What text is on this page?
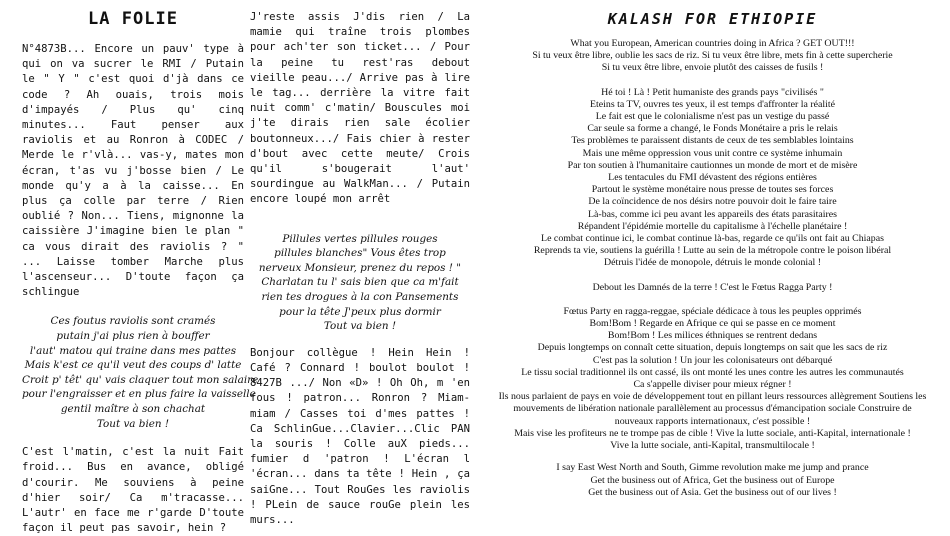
LA FOLIE

N°4873B... Encore un pauv' type à qui on va sucrer le RMI / Putain le " Y " c'est quoi d'jà dans ce code ? Ah ouais, trois mois d'impayés / Plus qu' cinq minutes... Faut penser aux raviolis et au Ronron à CODEC / Merde le r'vlà... vas-y, mates mon écran, t'as vu j'bosse bien / Le monde qu'y a à la caisse... En plus ça colle par terre / Rien oublié ? Non... Tiens, mignonne la caissière J'imagine bien le plan " ca vous dirait des raviolis ? " ... Laisse tomber Marche plus l'ascenseur... D'toute façon ça schlingue

Ces foutus raviolis sont cramés
putain j'ai plus rien à bouffer
l'aut' matou qui traine dans mes pattes
Mais k'est ce qu'il veut des coups d' latte
Croit p' têt' qu' vais claquer tout mon salaire
pour l'engraisser et en plus faire la vaisselle
gentil maître à son chachat
Tout va bien !

C'est l'matin, c'est la nuit Fait froid... Bus en avance, obligé d'courir. Me souviens à peine d'hier soir/ Ca m'tracasse... L'autr' en face me r'garde D'toute façon il peut pas savoir, hein ?

J'reste assis J'dis rien / La mamie qui traîne trois plombes pour ach'ter son ticket... / Pour la peine tu rest'ras debout vieille peau.../ Arrive pas à lire le tag... derrière la vitre fait nuit comm' c'matin/ Bouscules moi j'te dirais rien sale écolier boutonneux.../ Fais chier à rester d'bout avec cette meute/ Crois qu'il s'bougerait l'aut' sourdingue au WalkMan... / Putain encore loupé mon arrêt

Pillules vertes pillules rouges
pillules blanches" Vous êtes trop
nerveux Monsieur, prenez du repos ! "
Charlatan tu l' sais bien que ca m'fait
rien tes drogues à la con Pansements
pour la tête J'peux plus dormir
Tout va bien !

Bonjour collègue ! Hein Hein ! Café ? Connard ! boulot boulot ! 8427B .../ Non «D» ! Oh Oh, m 'en fous ! patron... Ronron ? Miam-miam / Casses toi d'mes pattes ! Ca SchlinGue...Clavier...Clic PAN la souris ! Colle auX pieds... fumier d 'patron ! L'écran l 'écran... dans ta tête ! Hein , ça saiGne... Tout RouGes les raviolis ! PLein de sauce rouGe plein les murs...

KALASH FOR ETHIOPIE
What you European, American countries doing in Africa ? GET OUT!!!
Si tu veux être libre, oublie les sacs de riz. Si tu veux être libre, mets fin à cette supercherie
Si tu veux être libre, envoie plutôt des caisses de fusils !
Hé toi ! Là ! Petit humaniste des grands pays "civilisés "
Eteins ta TV, ouvres tes yeux, il est temps d'affronter la réalité
Le fait est que le colonialisme n'est pas un vestige du passé
Car seule sa forme a changé, le Fonds Monétaire a pris le relais
Tes problèmes te paraissent distants de ceux de tes semblables lointains
Mais une même oppression vous unit contre ce système inhumain
Par ton soutien à l'humanitaire cautionnes un monde de mort et de misère
Les tentacules du FMI dévastent des régions entières
Partout le système monétaire nous presse de toutes ses forces
De la coïncidence de nos désirs notre pouvoir doit le faire taire
Là-bas, comme ici peu avant les appareils des états parasitaires
Répandent l'épidémie mortelle du capitalisme à l'échelle planétaire !
Le combat continue ici, le combat continue là-bas, regarde ce qu'ils ont fait au Chiapas
Reprends ta vie, soutiens la guérilla ! Lutte au sein de la métropole contre le poison libéral
Détruis l'idée de monopole, détruis le monde colonial !
Debout les Damnés de la terre ! C'est le Fœtus Ragga Party !
Fœtus Party en ragga-reggae, spéciale dédicace à tous les peuples opprimés
Bom!Bom ! Regarde en Afrique ce qui se passe en ce moment
Bom!Bom ! Les milices éthniques se rentrent dedans
Depuis longtemps on connaît cette situation, depuis longtemps on sait que les sacs de riz
C'est pas la solution ! Un jour les colonisateurs ont débarqué
Le tissu social traditionnel ils ont cassé, ils ont monté les unes contre les autres les communautés
Ca s'appelle diviser pour mieux régner !
Ils nous parlaient de pays en voie de développement tout en pillant leurs ressources allègrement Soutiens les
mouvements de libération nationale parallèlement au processus d'émancipation sociale Construire de
nouveaux rapports internationaux, c'est possible !
Mais vise les profiteurs ne te trompe pas de cible ! Vive la lutte sociale, anti-Kapital, internationale !
Vive la lutte sociale, anti-Kapital, transmultilocale !
I say East West North and South, Gimme revolution make me jump and prance
Get the business out of Africa, Get the business out of Europe
Get the business out of Asia. Get the business out of our lives !
